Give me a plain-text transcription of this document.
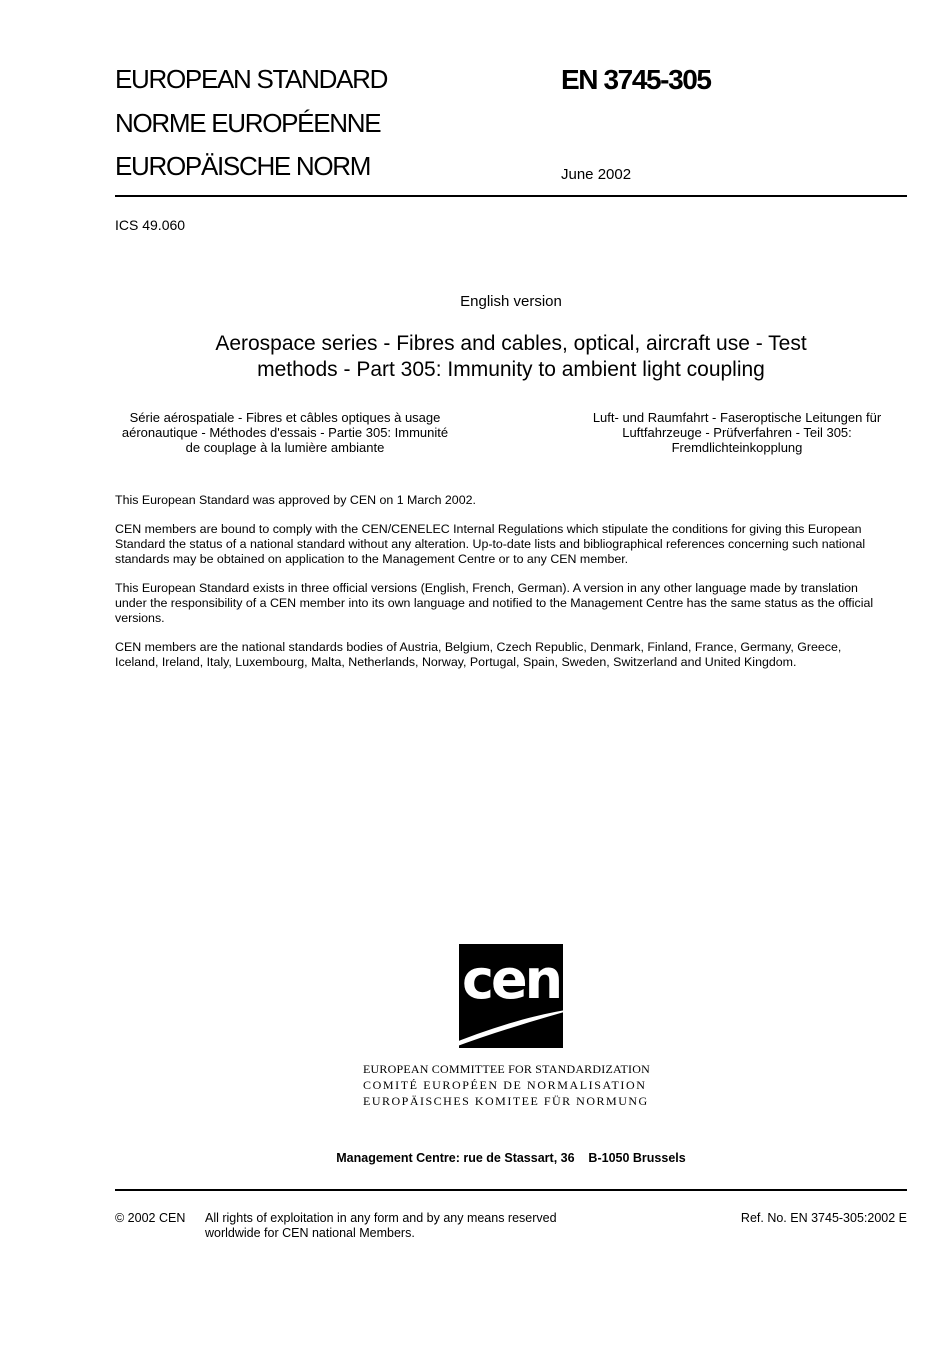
EUROPEAN STANDARD
NORME EUROPÉENNE
EUROPÄISCHE NORM
EN 3745-305
June 2002
ICS 49.060
English version
Aerospace series - Fibres and cables, optical, aircraft use - Test
methods - Part 305: Immunity to ambient light coupling
Série aérospatiale - Fibres et câbles optiques à usage
aéronautique - Méthodes d'essais - Partie 305: Immunité
de couplage à la lumière ambiante
Luft- und Raumfahrt - Faseroptische Leitungen für
Luftfahrzeuge - Prüfverfahren - Teil 305:
Fremdlichteinkopplung

This European Standard was approved by CEN on 1 March 2002.

CEN members are bound to comply with the CEN/CENELEC Internal Regulations which stipulate the conditions for giving this European

Standard the status of a national standard without any alteration. Up-to-date lists and bibliographical references concerning such national

standards may be obtained on application to the Management Centre or to any CEN member.

This European Standard exists in three official versions (English, French, German). A version in any other language made by translation

under the responsibility of a CEN member into its own language and notified to the Management Centre has the same status as the official

versions.

CEN members are the national standards bodies of Austria, Belgium, Czech Republic, Denmark, Finland, France, Germany, Greece,

Iceland, Ireland, Italy, Luxembourg, Malta, Netherlands, Norway, Portugal, Spain, Sweden, Switzerland and United Kingdom.

cen
EUROPEAN COMMITTEE FOR STANDARDIZATION
COMITÉ EUROPÉEN DE NORMALISATION
EUROPÄISCHES KOMITEE FÜR NORMUNG
Management Centre: rue de Stassart, 36    B-1050 Brussels
© 2002 CEN All rights of exploitation in any form and by any means reserved
worldwide for CEN national Members.
Ref. No. EN 3745-305:2002 E
